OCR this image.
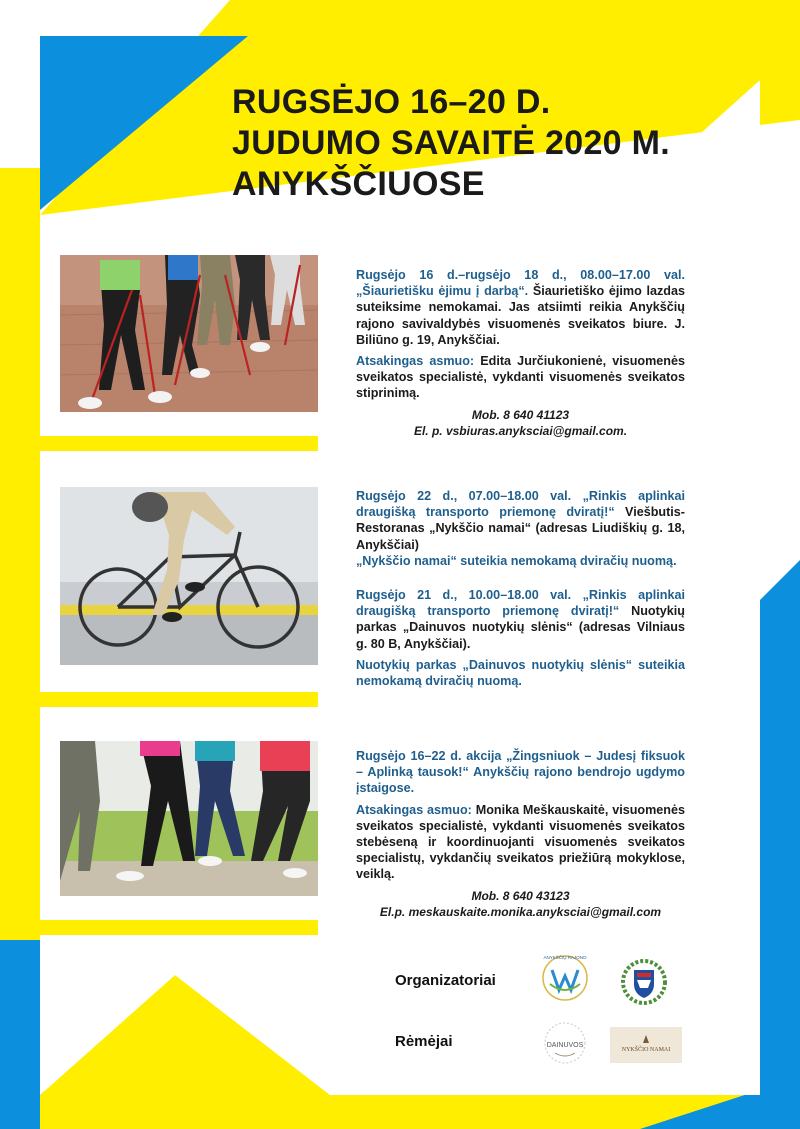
RUGSĖJO 16–20 D.
JUDUMO SAVAITĖ 2020 M.
ANYKŠČIUOSE

Rugsėjo 16 d.–rugsėjo 18 d., 08.00–17.00 val. „Šiaurietišku ėjimu į darbą“. Šiaurietiško ėjimo lazdas suteiksime nemokamai. Jas atsiimti reikia Anykščių rajono savivaldybės visuomenės sveikatos biure. J. Biliūno g. 19, Anykščiai.

Atsakingas asmuo: Edita Jurčiukonienė, visuomenės sveikatos specialistė, vykdanti visuomenės sveikatos stiprinimą.

Mob. 8 640 41123
El. p. vsbiuras.anyksciai@gmail.com.

Rugsėjo 22 d., 07.00–18.00 val. „Rinkis aplinkai draugišką transporto priemonę dviratį!“ Viešbutis-Restoranas „Nykščio namai“ (adresas Liudiškių g. 18, Anykščiai)
„Nykščio namai“ suteikia nemokamą dviračių nuomą.

Rugsėjo 21 d., 10.00–18.00 val. „Rinkis aplinkai draugišką transporto priemonę dviratį!“ Nuotykių parkas „Dainuvos nuotykių slėnis“ (adresas Vilniaus g. 80 B, Anykščiai).

Nuotykių parkas „Dainuvos nuotykių slėnis“ suteikia nemokamą dviračių nuomą.

Rugsėjo 16–22 d. akcija „Žingsniuok – Judesį fiksuok – Aplinką tausok!“ Anykščių rajono bendrojo ugdymo įstaigose.

Atsakingas asmuo: Monika Meškauskaitė, visuomenės sveikatos specialistė, vykdanti visuomenės sveikatos stebėseną ir koordinuojanti visuomenės sveikatos specialistų, vykdančių sveikatos priežiūrą mokyklose, veiklą.

Mob. 8 640 43123
El.p. meskauskaite.monika.anyksciai@gmail.com
Organizatoriai
Rėmėjai
ANYKŠČIŲ RAJONO
DAINUVOS
NYKŠČIO NAMAI
